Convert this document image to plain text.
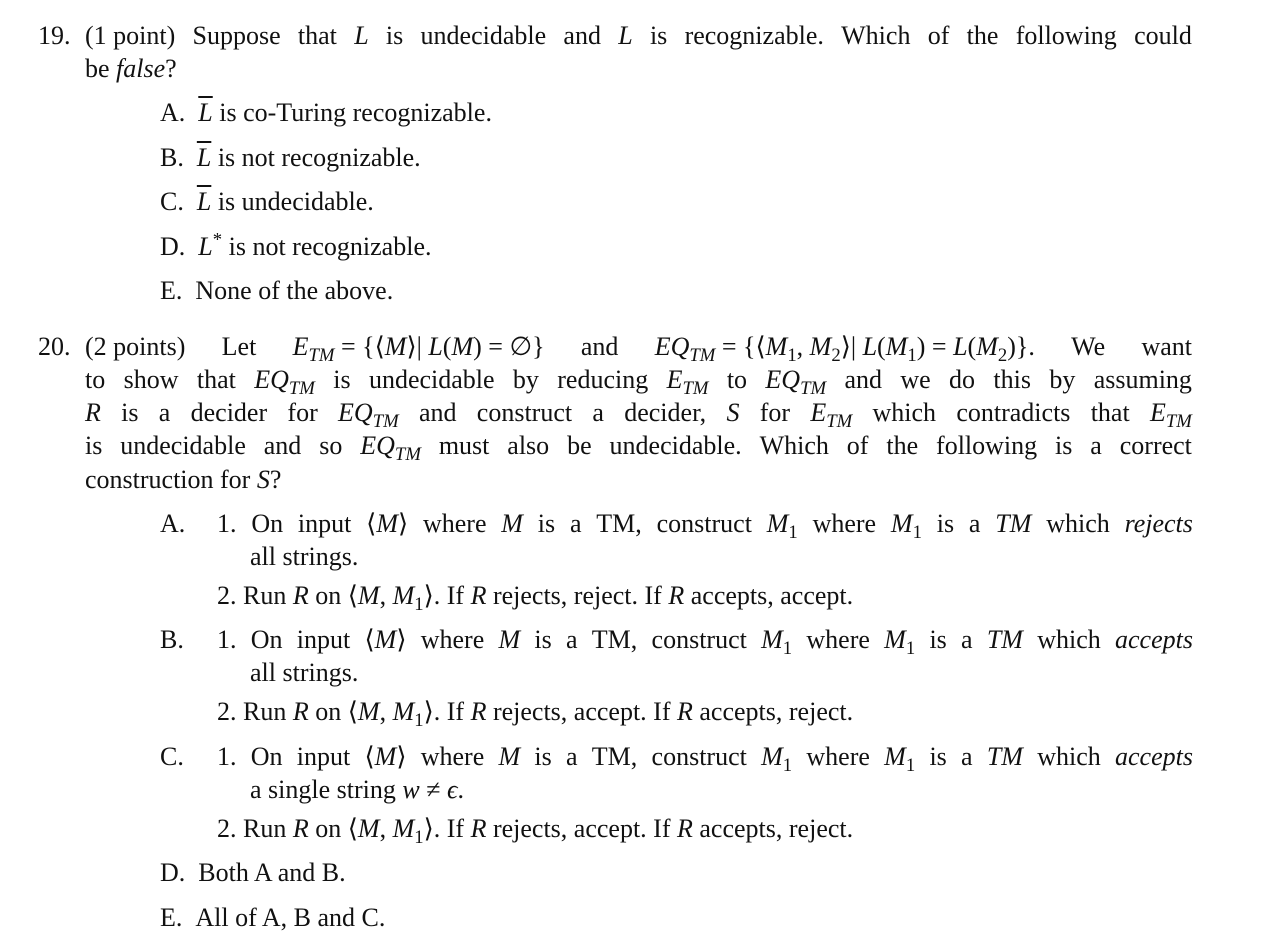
19. (1 point) Suppose that L is undecidable and L is recognizable. Which of the following could
be false?
A.  $\overline{L}$ is co-Turing recognizable.
B.  $\overline{L}$ is not recognizable.
C.  $\overline{L}$ is undecidable.
D.  L* is not recognizable.
E. None of the above.
20. (2 points) Let $E_{TM}$ = {⟨M⟩| L(M) = ∅} and $EQ_{TM}$ = {$⟨M_1$, $M_2⟩|$ $L(M_1) = L(M_2)$}. We want
to show that $EQ_{TM}$ is undecidable by reducing $E_{TM}$ to $EQ_{TM}$ and we do this by assuming
R is a decider for $EQ_{TM}$ and construct a decider, S for $E_{TM}$ which contradicts that $E_{TM}$
is undecidable and so $EQ_{TM}$ must also be undecidable. Which of the following is a correct
construction for S?
A. 1. On input ⟨M⟩ where M is a TM, construct $M_1$ where $M_1$ is a TM which rejects
all strings.
2. Run R on ⟨M, $M_1⟩$. If R rejects, reject. If R accepts, accept.
B. 1. On input ⟨M⟩ where M is a TM, construct $M_1$ where $M_1$ is a TM which accepts
all strings.
2. Run R on ⟨M, $M_1⟩$. If R rejects, accept. If R accepts, reject.
C. 1. On input ⟨M⟩ where M is a TM, construct $M_1$ where $M_1$ is a TM which accepts
a single string w ≠ ϵ.
2. Run R on ⟨M, $M_1⟩$. If R rejects, accept. If R accepts, reject.
D. Both A and B.
E. All of A, B and C.
